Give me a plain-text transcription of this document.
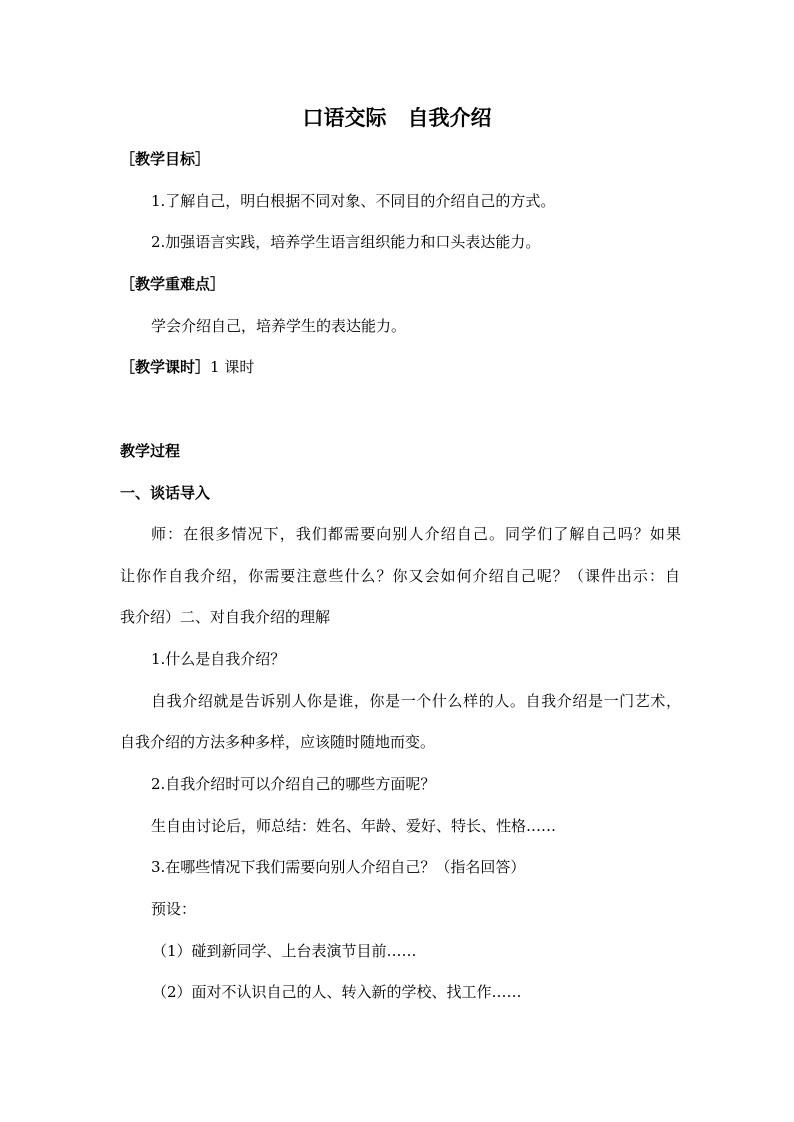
口语交际　自我介绍
［教学目标］
1.了解自己，明白根据不同对象、不同目的介绍自己的方式。
2.加强语言实践，培养学生语言组织能力和口头表达能力。
［教学重难点］
学会介绍自己，培养学生的表达能力。
［教学课时］1 课时
教学过程
一、谈话导入
师：在很多情况下，我们都需要向别人介绍自己。同学们了解自己吗？如果
让你作自我介绍，你需要注意些什么？你又会如何介绍自己呢？（课件出示：自
我介绍）二、对自我介绍的理解
1.什么是自我介绍？
自我介绍就是告诉别人你是谁，你是一个什么样的人。自我介绍是一门艺术，
自我介绍的方法多种多样，应该随时随地而变。
2.自我介绍时可以介绍自己的哪些方面呢？
生自由讨论后，师总结：姓名、年龄、爱好、特长、性格……
3.在哪些情况下我们需要向别人介绍自己？（指名回答）
预设：
（1）碰到新同学、上台表演节目前……
（2）面对不认识自己的人、转入新的学校、找工作……
